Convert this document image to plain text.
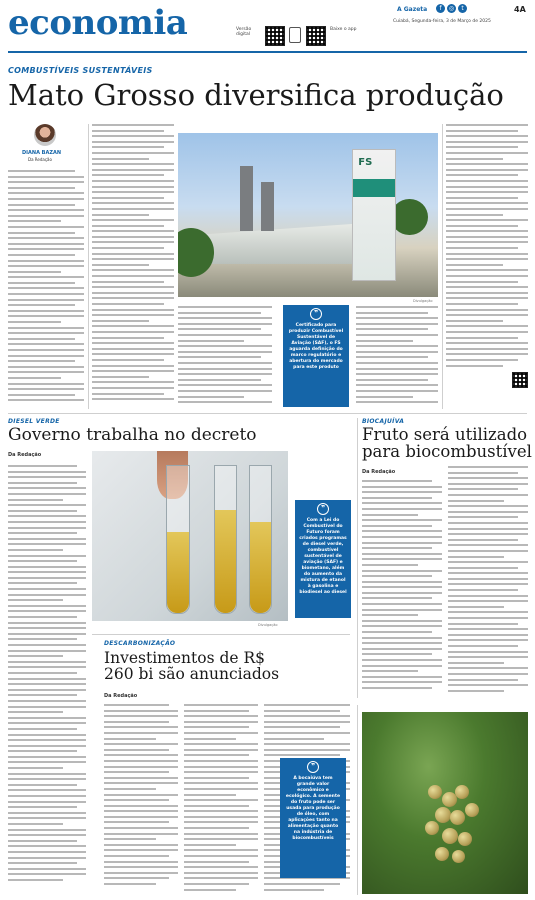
economia	Versão digital
Baixe o app
A Gazeta	f	◎	t	4A
Cuiabá, Segunda-feira, 3 de Março de 2025
COMBUSTÍVEIS SUSTENTÁVEIS
Mato Grosso diversifica produção
DIANA BAZAN
Da Redação	FS
Divulgação
❞
Certificado para produzir Combustível Sustentável de Aviação (SAF), o FS aguarda definição do marco regulatório e abertura do mercado para este produto
DIESEL VERDE
Governo trabalha no decreto
Da Redação
Divulgação
❞
Com a Lei do Combustível do Futuro foram criados programas de diesel verde, combustível sustentável de aviação (SAF) e biometano, além do aumento da mistura de etanol à gasolina e biodiesel ao diesel
BIOCAJUÍVA
Fruto será utilizado para biocombustível
Da Redação
DESCARBONIZAÇÃO
Investimentos de R$ 260 bi são anunciados
Da Redação
❞
A bocaiúva tem grande valor econômico e ecológico. A semente do fruto pode ser usada para produção de óleo, com aplicações tanto na alimentação quanto na indústria de biocombustíveis
